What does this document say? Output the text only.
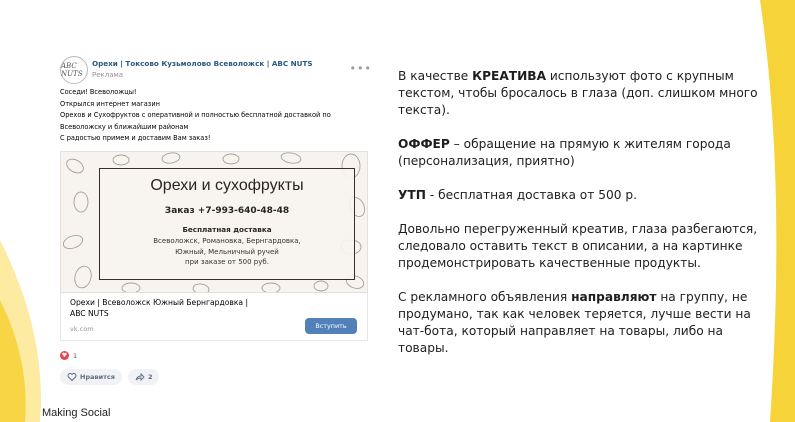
ABC NUTS
Орехи | Токсово Кузьмолово Всеволожск | ABC NUTS
Реклама	•••
Соседи! Всеволожцы!
Открылся интернет магазин
Орехов и Сухофруктов с оперативной и полностью бесплатной доставкой по
Всеволожску и ближайшим районам
С радостью примем и доставим Вам заказ!
Орехи и сухофрукты
Заказ +7-993-640-48-48
Бесплатная доставка
Всеволожск, Романовка, Бернгардовка,
Южный, Мельничный ручей
при заказе от 500 руб.
Орехи | Всеволожск Южный Бернгардовка |
ABC NUTS
vk.com	Вступить
♥ 1
Нравится	2
Making Social

В качестве КРЕАТИВА используют фото с крупным текстом, чтобы бросалось в глаза (доп. слишком много текста).

ОФФЕР – обращение на прямую к жителям города (персонализация, приятно)

УТП - бесплатная доставка от 500 р.

Довольно перегруженный креатив, глаза разбегаются, следовало оставить текст в описании, а на картинке продемонстрировать качественные продукты.

С рекламного объявления направляют на группу, не продумано, так как человек теряется, лучше вести на чат-бота, который направляет на товары, либо на товары.
